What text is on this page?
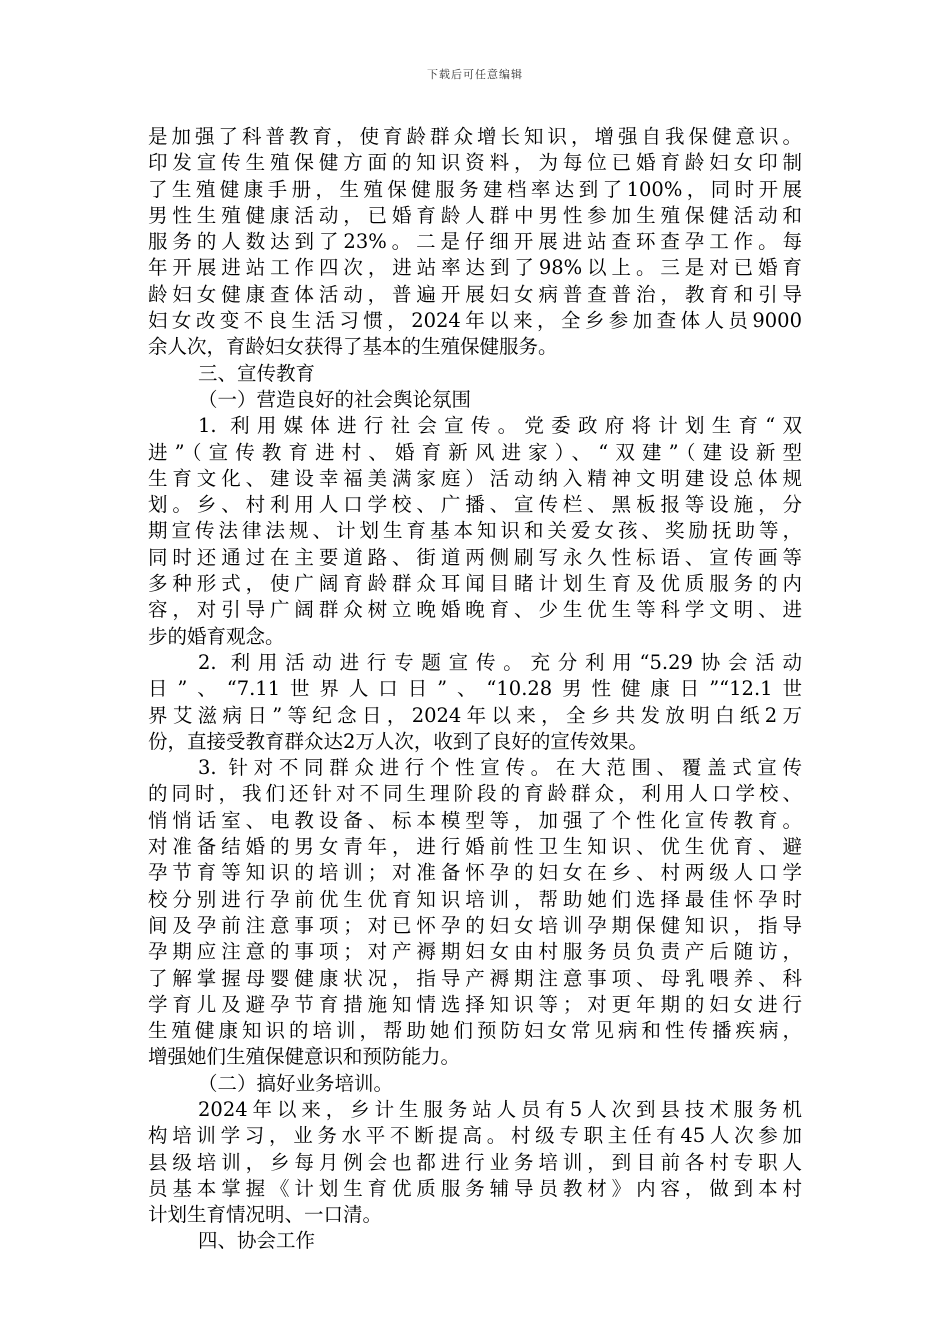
下载后可任意编辑
是加强了科普教育，使育龄群众增长知识，增强自我保健意识。
印发宣传生殖保健方面的知识资料，为每位已婚育龄妇女印制
了生殖健康手册，生殖保健服务建档率达到了100%，同时开展
男性生殖健康活动，已婚育龄人群中男性参加生殖保健活动和
服务的人数达到了23%。二是仔细开展进站查环查孕工作。每
年开展进站工作四次，进站率达到了98%以上。三是对已婚育
龄妇女健康查体活动，普遍开展妇女病普查普治，教育和引导
妇女改变不良生活习惯，2024年以来，全乡参加查体人员9000
余人次，育龄妇女获得了基本的生殖保健服务。
三、宣传教育
（一）营造良好的社会舆论氛围
1. 利用媒体进行社会宣传。党委政府将计划生育“双
进”（宣传教育进村、婚育新风进家）、“双建”（建设新型
生育文化、建设幸福美满家庭）活动纳入精神文明建设总体规
划。乡、村利用人口学校、广播、宣传栏、黑板报等设施，分
期宣传法律法规、计划生育基本知识和关爱女孩、奖励抚助等，
同时还通过在主要道路、街道两侧刷写永久性标语、宣传画等
多种形式，使广阔育龄群众耳闻目睹计划生育及优质服务的内
容，对引导广阔群众树立晚婚晚育、少生优生等科学文明、进
步的婚育观念。
2. 利用活动进行专题宣传。充分利用“5.29协会活动
日”、“7.11世界人口日”、“10.28男性健康日”“12.1世
界艾滋病日”等纪念日，2024年以来，全乡共发放明白纸2万
份，直接受教育群众达2万人次，收到了良好的宣传效果。
3. 针对不同群众进行个性宣传。在大范围、覆盖式宣传
的同时，我们还针对不同生理阶段的育龄群众，利用人口学校、
悄悄话室、电教设备、标本模型等，加强了个性化宣传教育。
对准备结婚的男女青年，进行婚前性卫生知识、优生优育、避
孕节育等知识的培训；对准备怀孕的妇女在乡、村两级人口学
校分别进行孕前优生优育知识培训，帮助她们选择最佳怀孕时
间及孕前注意事项；对已怀孕的妇女培训孕期保健知识，指导
孕期应注意的事项；对产褥期妇女由村服务员负责产后随访，
了解掌握母婴健康状况，指导产褥期注意事项、母乳喂养、科
学育儿及避孕节育措施知情选择知识等；对更年期的妇女进行
生殖健康知识的培训，帮助她们预防妇女常见病和性传播疾病，
增强她们生殖保健意识和预防能力。
（二）搞好业务培训。
2024年以来，乡计生服务站人员有5人次到县技术服务机
构培训学习，业务水平不断提高。村级专职主任有45人次参加
县级培训，乡每月例会也都进行业务培训，到目前各村专职人
员基本掌握《计划生育优质服务辅导员教材》内容，做到本村
计划生育情况明、一口清。
四、协会工作
